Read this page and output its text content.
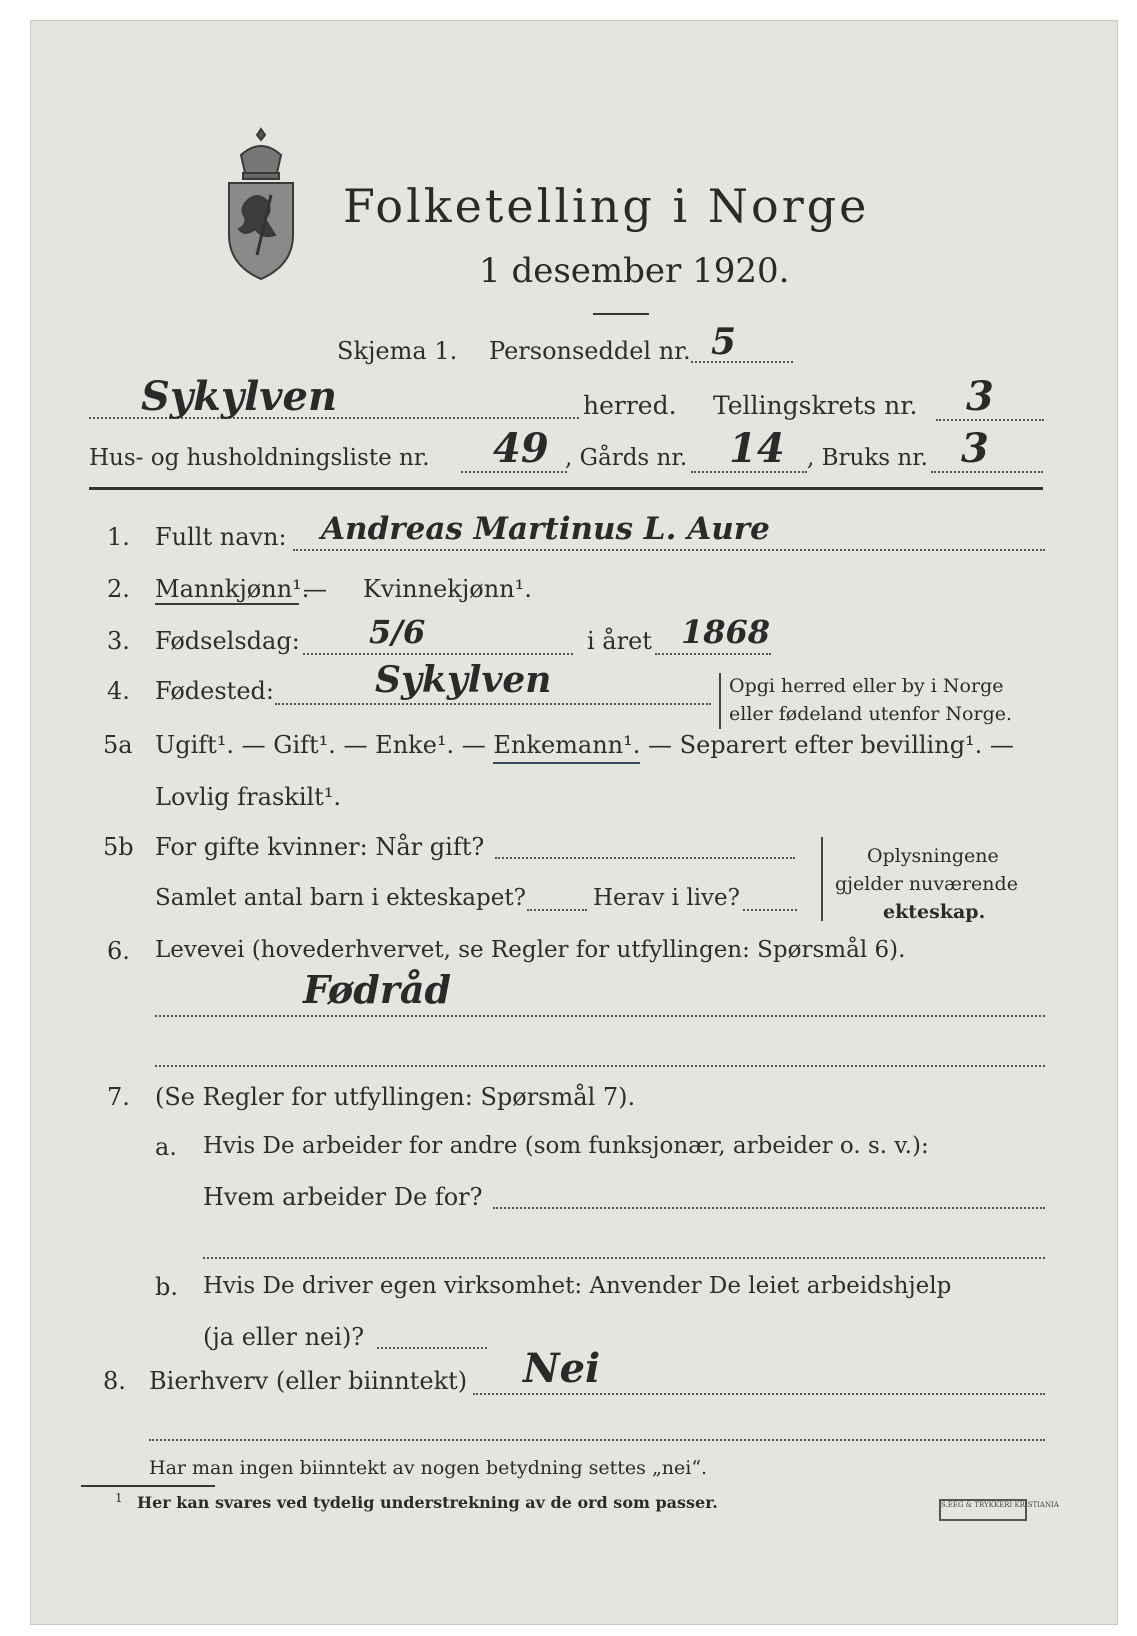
Folketelling i Norge
1 desember 1920.
Skjema 1. Personseddel nr. 5
Sykylven	herred. Tellingskrets nr. 3
Hus- og husholdningsliste nr. 49 , Gårds nr. 14 , Bruks nr. 3
1. Fullt navn: Andreas Martinus L. Aure
2. Mannkjønn¹.
— Kvinnekjønn¹.
3. Fødselsdag: 5/6	i året 1868
4. Fødested:	Sykylven	Opgi herred eller by i Norge
eller fødeland utenfor Norge.
5a Ugift¹. — Gift¹. — Enke¹. — Enkemann¹. — Separert efter bevilling¹. —
Lovlig fraskilt¹.
5b For gifte kvinner: Når gift?
Samlet antal barn i ekteskapet?	Herav i live?
Oplysningene
gjelder nuværende
ekteskap.
6. Levevei (hovederhvervet, se Regler for utfyllingen: Spørsmål 6).
Fødråd
7. (Se Regler for utfyllingen: Spørsmål 7).
a. Hvis De arbeider for andre (som funksjonær, arbeider o. s. v.):
Hvem arbeider De for?
b. Hvis De driver egen virksomhet: Anvender De leiet arbeidshjelp
(ja eller nei)?
8. Bierhverv (eller biinntekt) Nei
Har man ingen biinntekt av nogen betydning settes „nei“.
1 Her kan svares ved tydelig understrekning av de ord som passer.	S.EEG & TRYKKERI KRISTIANIA
